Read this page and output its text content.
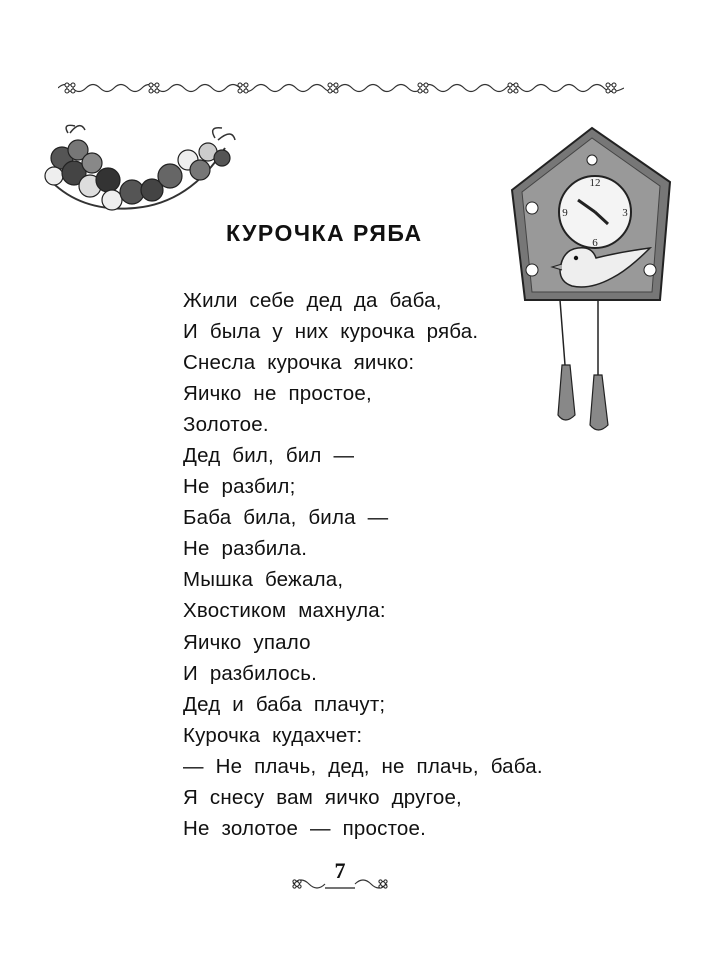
12
3
6
9
КУРОЧКА РЯБА
Жили себе дед да баба,
И была у них курочка ряба.
Снесла курочка яичко:
Яичко не простое,
Золотое.
Дед бил, бил —
Не разбил;
Баба била, била —
Не разбила.
Мышка бежала,
Хвостиком махнула:
Яичко упало
И разбилось.
Дед и баба плачут;
Курочка кудахчет:
— Не плачь, дед, не плачь, баба.
Я снесу вам яичко другое,
Не золотое — простое.
7
